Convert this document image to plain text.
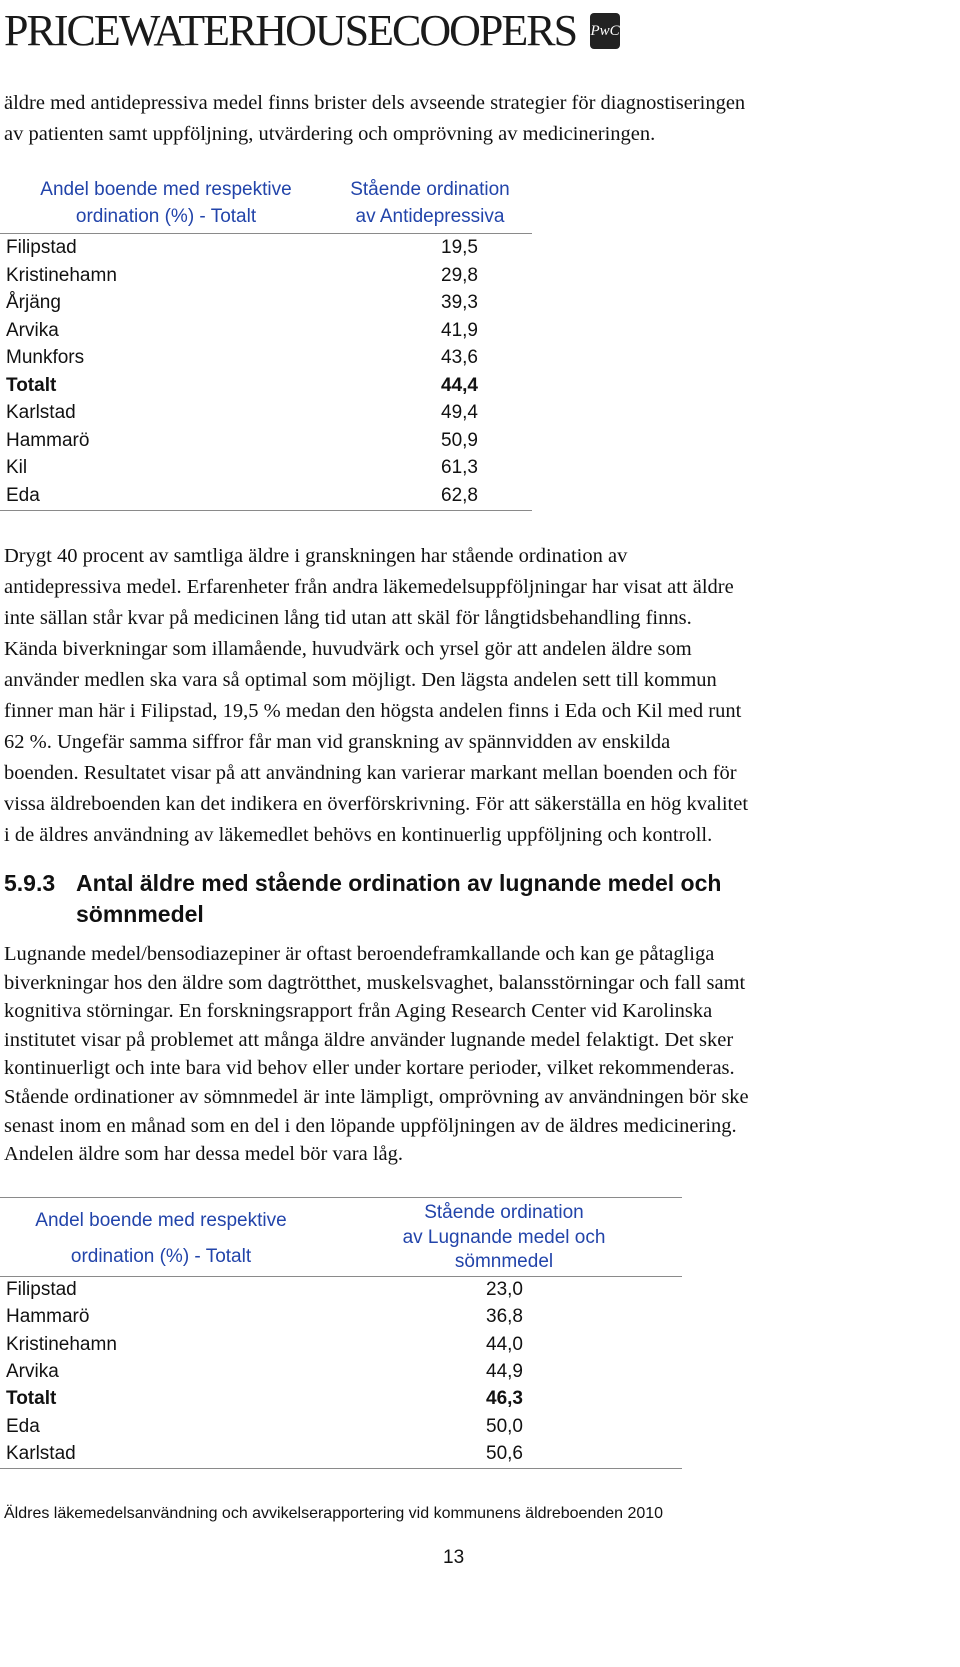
PRICEWATERHOUSECOOPERS PwC
äldre med antidepressiva medel finns brister dels avseende strategier för diagnostiseringen
av patienten samt uppföljning, utvärdering och omprövning av medicineringen.
Andel boende med respektive
ordination (%) - Totalt
Stående ordination
av Antidepressiva
Filipstad	19,5
Kristinehamn	29,8
Årjäng	39,3
Arvika	41,9
Munkfors	43,6
Totalt	44,4
Karlstad	49,4
Hammarö	50,9
Kil	61,3
Eda	62,8
Drygt 40 procent av samtliga äldre i granskningen har stående ordination av
antidepressiva medel. Erfarenheter från andra läkemedelsuppföljningar har visat att äldre
inte sällan står kvar på medicinen lång tid utan att skäl för långtidsbehandling finns.
Kända biverkningar som illamående, huvudvärk och yrsel gör att andelen äldre som
använder medlen ska vara så optimal som möjligt. Den lägsta andelen sett till kommun
finner man här i Filipstad, 19,5 % medan den högsta andelen finns i Eda och Kil med runt
62 %. Ungefär samma siffror får man vid granskning av spännvidden av enskilda
boenden. Resultatet visar på att användning kan varierar markant mellan boenden och för
vissa äldreboenden kan det indikera en överförskrivning. För att säkerställa en hög kvalitet
i de äldres användning av läkemedlet behövs en kontinuerlig uppföljning och kontroll.
5.9.3 Antal äldre med stående ordination av lugnande medel och
sömnmedel
Lugnande medel/bensodiazepiner är oftast beroendeframkallande och kan ge påtagliga
biverkningar hos den äldre som dagtrötthet, muskelsvaghet, balansstörningar och fall samt
kognitiva störningar. En forskningsrapport från Aging Research Center vid Karolinska
institutet visar på problemet att många äldre använder lugnande medel felaktigt. Det sker
kontinuerligt och inte bara vid behov eller under kortare perioder, vilket rekommenderas.
Stående ordinationer av sömnmedel är inte lämpligt, omprövning av användningen bör ske
senast inom en månad som en del i den löpande uppföljningen av de äldres medicinering.
Andelen äldre som har dessa medel bör vara låg.
Andel boende med respektive
ordination (%) - Totalt
Stående ordination
av Lugnande medel och
sömnmedel
Filipstad	23,0
Hammarö	36,8
Kristinehamn	44,0
Arvika	44,9
Totalt	46,3
Eda	50,0
Karlstad	50,6
Äldres läkemedelsanvändning och avvikelserapportering vid kommunens äldreboenden 2010
13
